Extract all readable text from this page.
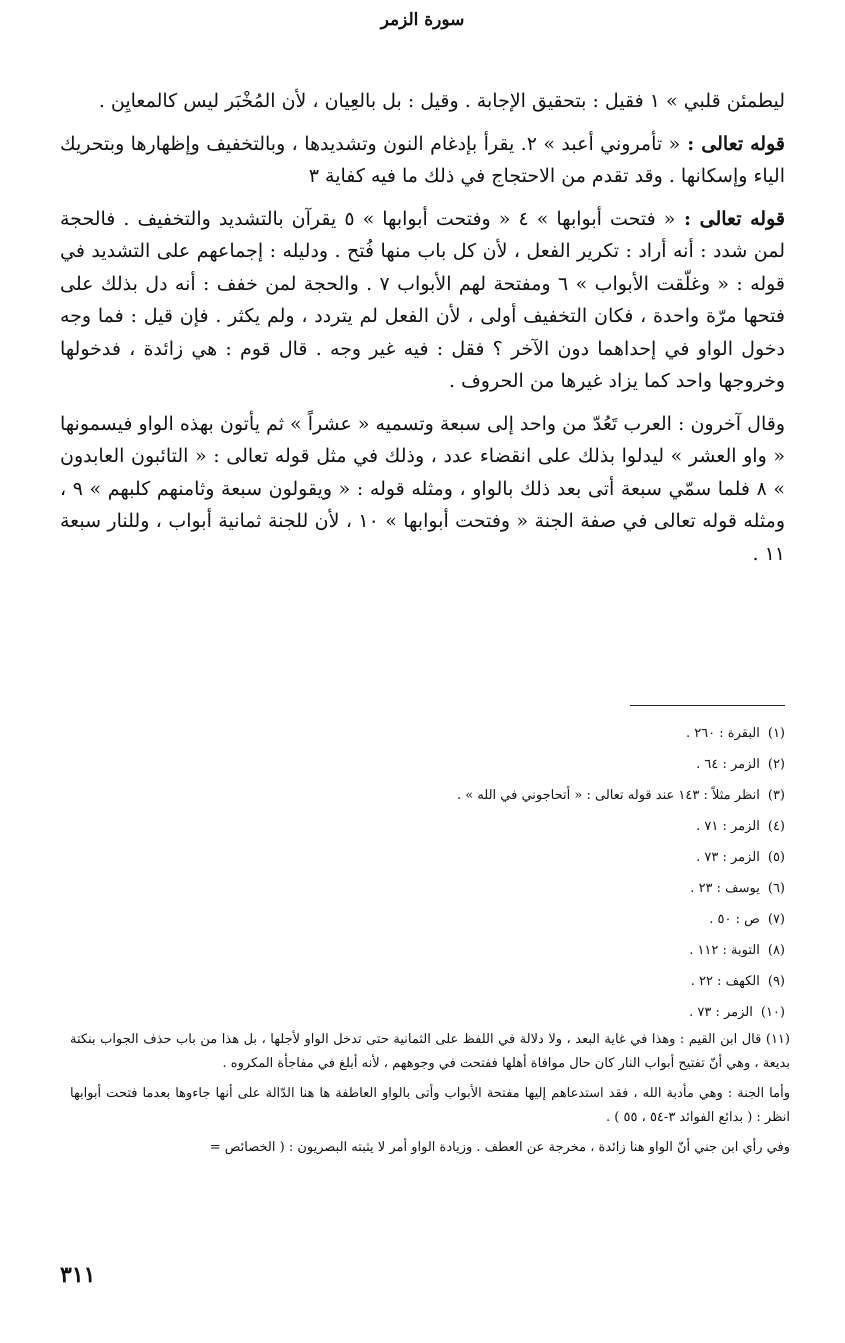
سورة الزمر

ليطمئن قلبي » ١ فقيل : بتحقيق الإجابة . وقيل : بل بالعِيان ، لأن المُخْبَر ليس كالمعايِن .

قوله تعالى : « تأمروني أعبد » ٢. يقرأ بإدغام النون وتشديدها ، وبالتخفيف وإظهارها وبتحريك الياء وإسكانها . وقد تقدم من الاحتجاج في ذلك ما فيه كفاية ٣

قوله تعالى : « فتحت أبوابها » ٤ « وفتحت أبوابها » ٥ يقرآن بالتشديد والتخفيف . فالحجة لمن شدد : أنه أراد : تكرير الفعل ، لأن كل باب منها فُتح . ودليله : إجماعهم على التشديد في قوله : « وغلّقت الأبواب » ٦ ومفتحة لهم الأبواب ٧ . والحجة لمن خفف : أنه دل بذلك على فتحها مرّة واحدة ، فكان التخفيف أولى ، لأن الفعل لم يتردد ، ولم يكثر . فإن قيل : فما وجه دخول الواو في إحداهما دون الآخر ؟ فقل : فيه غير وجه . قال قوم : هي زائدة ، فدخولها وخروجها واحد كما يزاد غيرها من الحروف .

وقال آخرون : العرب تَعُدّ من واحد إلى سبعة وتسميه « عشراً » ثم يأتون بهذه الواو فيسمونها « واو العشر » ليدلوا بذلك على انقضاء عدد ، وذلك في مثل قوله تعالى : « التائبون العابدون » ٨ فلما سمّي سبعة أتى بعد ذلك بالواو ، ومثله قوله : « ويقولون سبعة وثامنهم كلبهم » ٩ ، ومثله قوله تعالى في صفة الجنة « وفتحت أبوابها » ١٠ ، لأن للجنة ثمانية أبواب ، وللنار سبعة ١١ .

(١)
البقرة : ٢٦٠ .
(٢)
الزمر : ٦٤ .
(٣)
انظر مثلاً : ١٤٣ عند قوله تعالى : « أتحاجوني في الله » .
(٤)
الزمر : ٧١ .
(٥)
الزمر : ٧٣ .
(٦)
يوسف : ٢٣ .
(٧)
ص : ٥٠ .
(٨)
التوبة : ١١٢ .
(٩)
الكهف : ٢٢ .
(١٠)
الزمر : ٧٣ .

(١١) قال ابن القيم : وهذا في غاية البعد ، ولا دلالة في اللفظ على الثمانية حتى تدخل الواو لأجلها ، بل هذا من باب حذف الجواب بنكتة بديعة ، وهي أنّ تفتيح أبواب النار كان حال موافاة أهلها ففتحت في وجوههم ، لأنه أبلغ في مفاجأة المكروه .

وأما الجنة : وهي مأدبة الله ، فقد استدعاهم إليها مفتحة الأبواب وأتى بالواو العاطفة ها هنا الدّالة على أنها جاءوها بعدما فتحت أبوابها انظر : ( بدائع الفوائد ٣-٥٤ ، ٥٥ ) .

وفي رأي ابن جني أنّ الواو هنا زائدة ، مخرجة عن العطف . وزيادة الواو أمر لا يثبته البصريون : ( الخصائص =

٣١١
